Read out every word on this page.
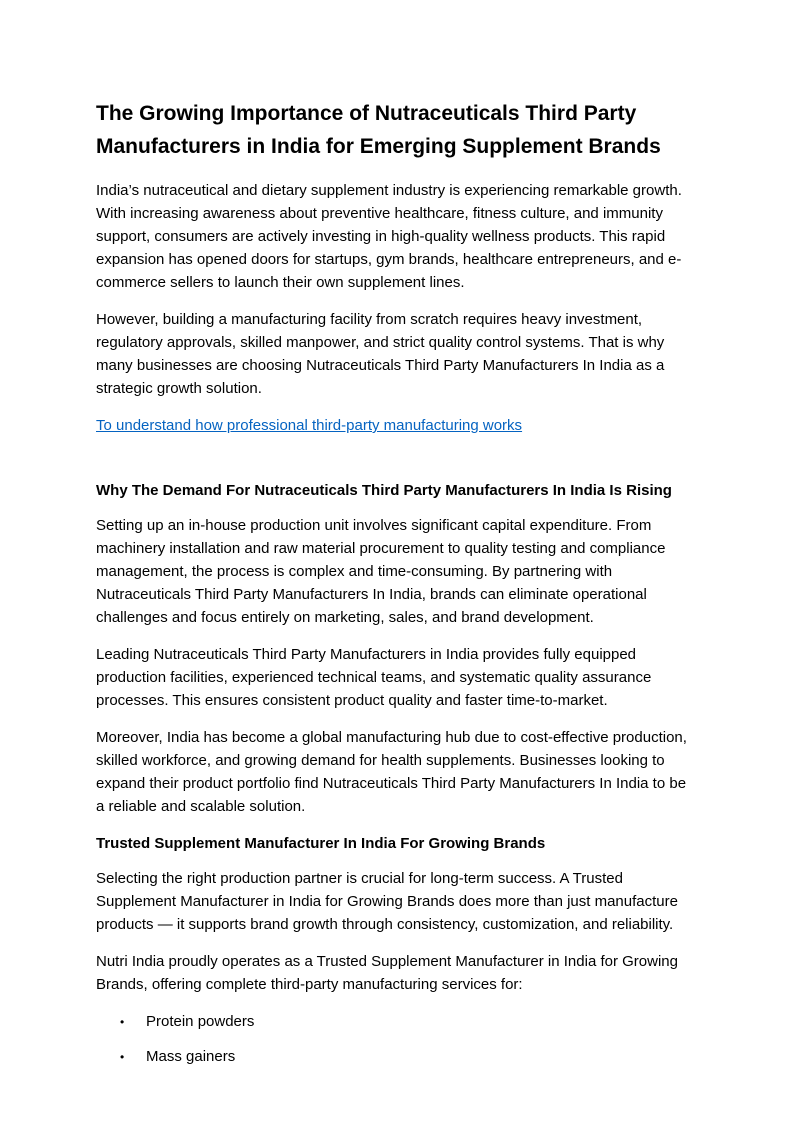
The Growing Importance of Nutraceuticals Third Party Manufacturers in India for Emerging Supplement Brands

India’s nutraceutical and dietary supplement industry is experiencing remarkable growth. With increasing awareness about preventive healthcare, fitness culture, and immunity support, consumers are actively investing in high-quality wellness products. This rapid expansion has opened doors for startups, gym brands, healthcare entrepreneurs, and e-commerce sellers to launch their own supplement lines.

However, building a manufacturing facility from scratch requires heavy investment, regulatory approvals, skilled manpower, and strict quality control systems. That is why many businesses are choosing Nutraceuticals Third Party Manufacturers In India as a strategic growth solution.

To understand how professional third-party manufacturing works

Why The Demand For Nutraceuticals Third Party Manufacturers In India Is Rising

Setting up an in-house production unit involves significant capital expenditure. From machinery installation and raw material procurement to quality testing and compliance management, the process is complex and time-consuming. By partnering with Nutraceuticals Third Party Manufacturers In India, brands can eliminate operational challenges and focus entirely on marketing, sales, and brand development.

Leading Nutraceuticals Third Party Manufacturers in India provides fully equipped production facilities, experienced technical teams, and systematic quality assurance processes. This ensures consistent product quality and faster time-to-market.

Moreover, India has become a global manufacturing hub due to cost-effective production, skilled workforce, and growing demand for health supplements. Businesses looking to expand their product portfolio find Nutraceuticals Third Party Manufacturers In India to be a reliable and scalable solution.

Trusted Supplement Manufacturer In India For Growing Brands

Selecting the right production partner is crucial for long-term success. A Trusted Supplement Manufacturer in India for Growing Brands does more than just manufacture products — it supports brand growth through consistency, customization, and reliability.

Nutri India proudly operates as a Trusted Supplement Manufacturer in India for Growing Brands, offering complete third-party manufacturing services for:

•	Protein powders
•	Mass gainers
